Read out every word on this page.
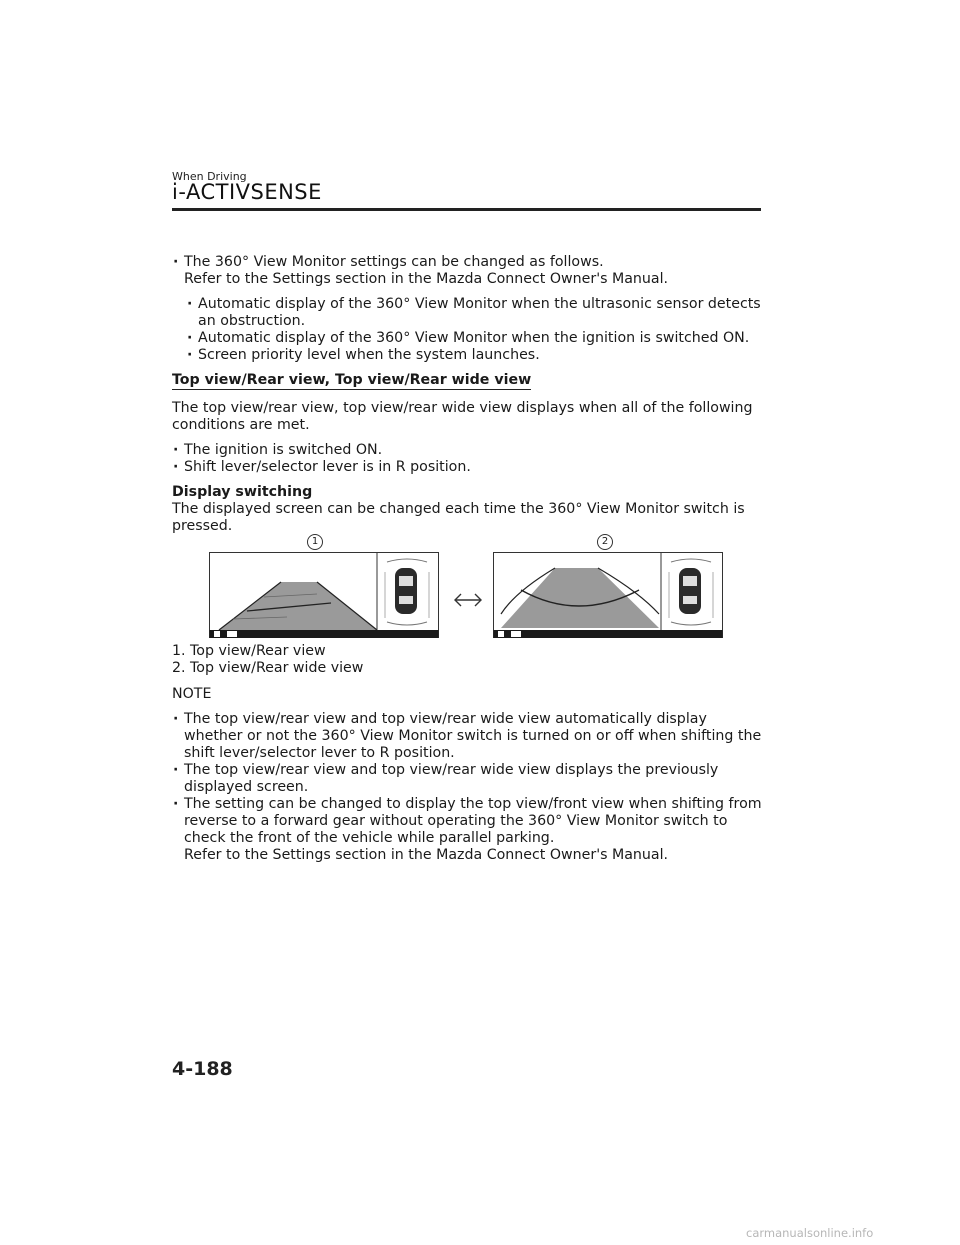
When Driving
i-ACTIVSENSE
· The 360° View Monitor settings can be changed as follows.
Refer to the Settings section in the Mazda Connect Owner's Manual.
· Automatic display of the 360° View Monitor when the ultrasonic sensor detects
an obstruction.
· Automatic display of the 360° View Monitor when the ignition is switched ON.
· Screen priority level when the system launches.
Top view/Rear view, Top view/Rear wide view
The top view/rear view, top view/rear wide view displays when all of the following
conditions are met.
· The ignition is switched ON.
· Shift lever/selector lever is in R position.
Display switching
The displayed screen can be changed each time the 360° View Monitor switch is
pressed.
1	2
1. Top view/Rear view
2. Top view/Rear wide view
NOTE
· The top view/rear view and top view/rear wide view automatically display
whether or not the 360° View Monitor switch is turned on or off when shifting the
shift lever/selector lever to R position.
· The top view/rear view and top view/rear wide view displays the previously
displayed screen.
· The setting can be changed to display the top view/front view when shifting from
reverse to a forward gear without operating the 360° View Monitor switch to
check the front of the vehicle while parallel parking.
Refer to the Settings section in the Mazda Connect Owner's Manual.
4-188
carmanualsonline.info
